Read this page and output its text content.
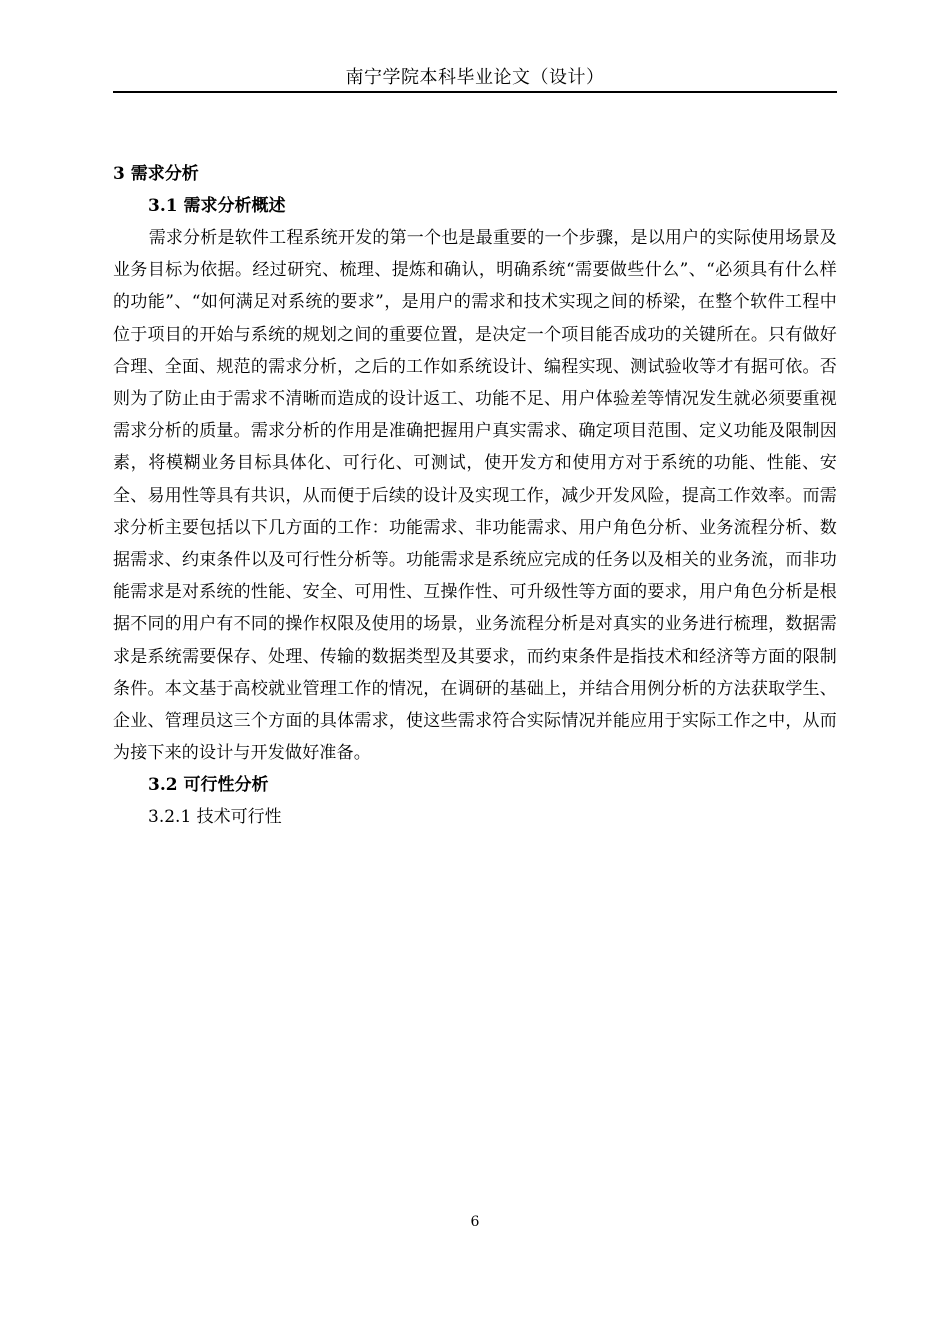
南宁学院本科毕业论文（设计）
3 需求分析
3.1 需求分析概述

需求分析是软件工程系统开发的第一个也是最重要的一个步骤，是以用户的实际使用场景及业务目标为依据。经过研究、梳理、提炼和确认，明确系统“需要做些什么”、“必须具有什么样的功能”、“如何满足对系统的要求”，是用户的需求和技术实现之间的桥梁，在整个软件工程中位于项目的开始与系统的规划之间的重要位置，是决定一个项目能否成功的关键所在。只有做好合理、全面、规范的需求分析，之后的工作如系统设计、编程实现、测试验收等才有据可依。否则为了防止由于需求不清晰而造成的设计返工、功能不足、用户体验差等情况发生就必须要重视需求分析的质量。需求分析的作用是准确把握用户真实需求、确定项目范围、定义功能及限制因素，将模糊业务目标具体化、可行化、可测试，使开发方和使用方对于系统的功能、性能、安全、易用性等具有共识，从而便于后续的设计及实现工作，减少开发风险，提高工作效率。而需求分析主要包括以下几方面的工作：功能需求、非功能需求、用户角色分析、业务流程分析、数据需求、约束条件以及可行性分析等。功能需求是系统应完成的任务以及相关的业务流，而非功能需求是对系统的性能、安全、可用性、互操作性、可升级性等方面的要求，用户角色分析是根据不同的用户有不同的操作权限及使用的场景，业务流程分析是对真实的业务进行梳理，数据需求是系统需要保存、处理、传输的数据类型及其要求，而约束条件是指技术和经济等方面的限制条件。本文基于高校就业管理工作的情况，在调研的基础上，并结合用例分析的方法获取学生、企业、管理员这三个方面的具体需求，使这些需求符合实际情况并能应用于实际工作之中，从而为接下来的设计与开发做好准备。

3.2 可行性分析
3.2.1 技术可行性
6
